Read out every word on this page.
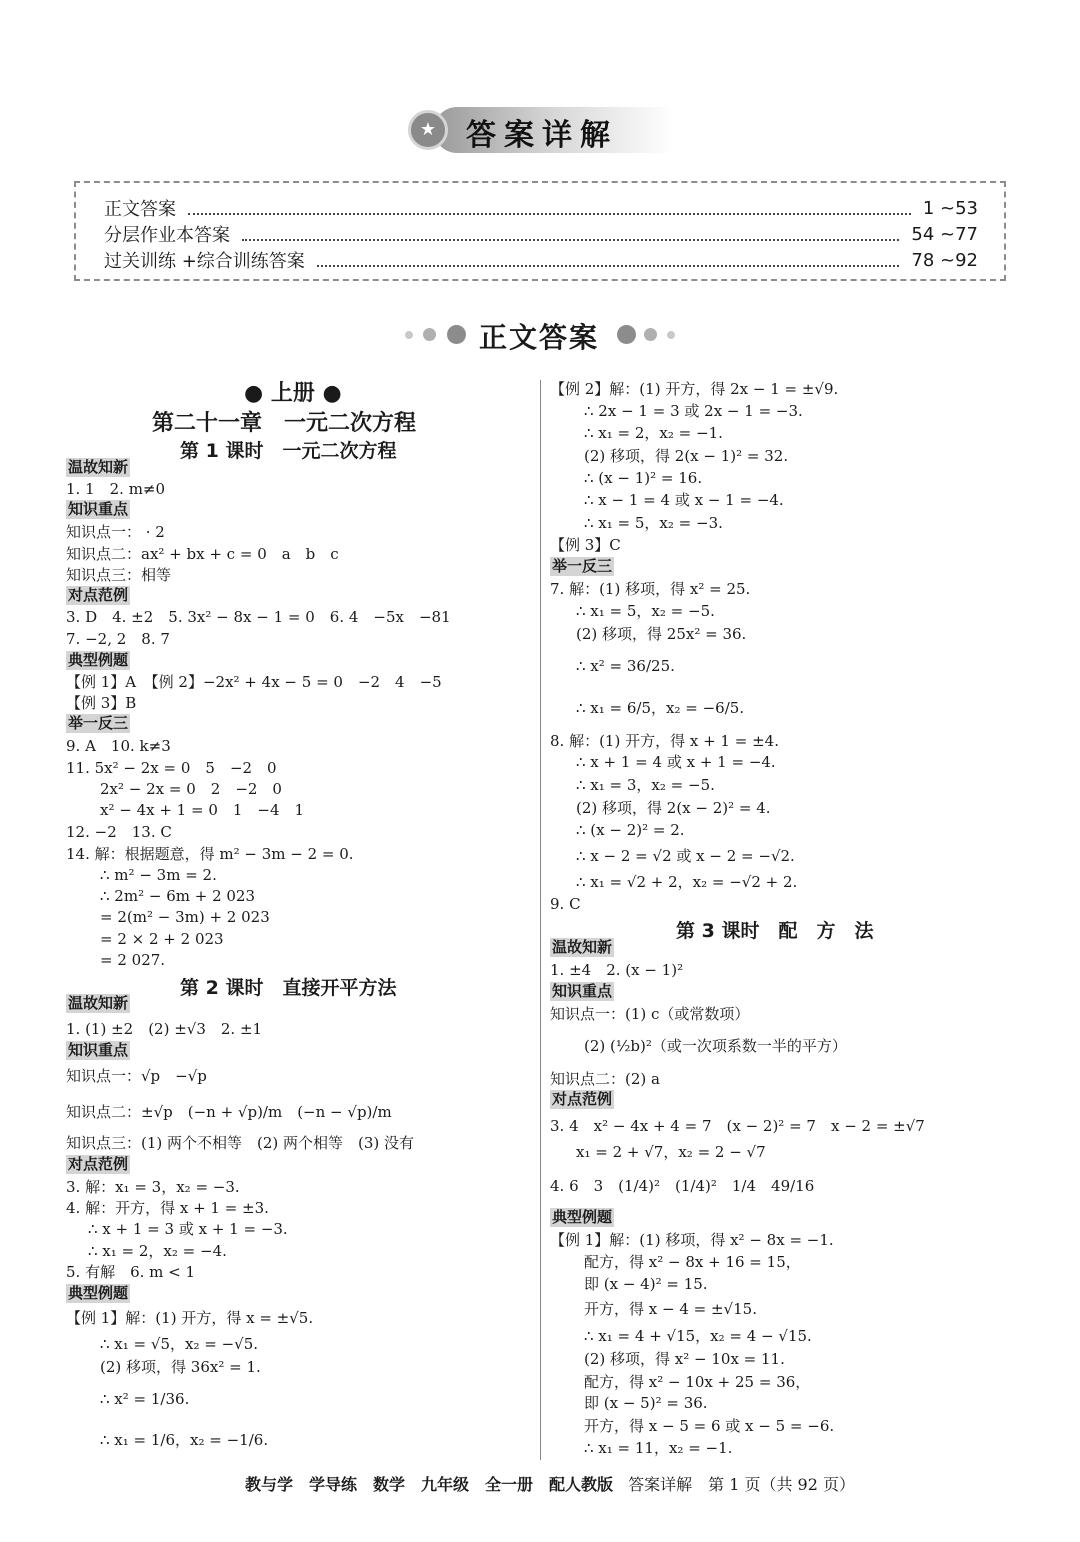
★ 答案详解
正文答案	1 ~53
分层作业本答案	54 ~77
过关训练 +综合训练答案	78 ~92
正文答案
● 上册 ●
第二十一章　一元二次方程
第 1 课时　一元二次方程
温故知新
1. 1　2. m≠0
知识重点
知识点一： · 2
知识点二：ax² + bx + c = 0　a　b　c
知识点三：相等
对点范例
3. D　4. ±2　5. 3x² − 8x − 1 = 0　6. 4　−5x　−81
7. −2, 2　8. 7
典型例题
【例 1】A　【例 2】−2x² + 4x − 5 = 0　−2　4　−5
【例 3】B
举一反三
9. A　10. k≠3
11. 5x² − 2x = 0　5　−2　0
2x² − 2x = 0　2　−2　0
x² − 4x + 1 = 0　1　−4　1
12. −2　13. C
14. 解：根据题意，得 m² − 3m − 2 = 0.
∴ m² − 3m = 2.
∴ 2m² − 6m + 2 023
= 2(m² − 3m) + 2 023
= 2 × 2 + 2 023
= 2 027.
第 2 课时　直接开平方法
温故知新
1. (1) ±2　(2) ±√3　2. ±1
知识重点
知识点一：√p　−√p
知识点二：±√p　(−n + √p)/m　(−n − √p)/m
知识点三：(1) 两个不相等　(2) 两个相等　(3) 没有
对点范例
3. 解：x₁ = 3，x₂ = −3.
4. 解：开方，得 x + 1 = ±3.
∴ x + 1 = 3 或 x + 1 = −3.
∴ x₁ = 2，x₂ = −4.
5. 有解　6. m < 1
典型例题
【例 1】解：(1) 开方，得 x = ±√5.
∴ x₁ = √5，x₂ = −√5.
(2) 移项，得 36x² = 1.
∴ x² = 1/36.
∴ x₁ = 1/6，x₂ = −1/6.
【例 2】解：(1) 开方，得 2x − 1 = ±√9.
∴ 2x − 1 = 3 或 2x − 1 = −3.
∴ x₁ = 2，x₂ = −1.
(2) 移项，得 2(x − 1)² = 32.
∴ (x − 1)² = 16.
∴ x − 1 = 4 或 x − 1 = −4.
∴ x₁ = 5，x₂ = −3.
【例 3】C
举一反三
7. 解：(1) 移项，得 x² = 25.
∴ x₁ = 5，x₂ = −5.
(2) 移项，得 25x² = 36.
∴ x² = 36/25.
∴ x₁ = 6/5，x₂ = −6/5.
8. 解：(1) 开方，得 x + 1 = ±4.
∴ x + 1 = 4 或 x + 1 = −4.
∴ x₁ = 3，x₂ = −5.
(2) 移项，得 2(x − 2)² = 4.
∴ (x − 2)² = 2.
∴ x − 2 = √2 或 x − 2 = −√2.
∴ x₁ = √2 + 2，x₂ = −√2 + 2.
9. C
第 3 课时　配　方　法
温故知新
1. ±4　2. (x − 1)²
知识重点
知识点一：(1) c（或常数项）
(2) (½b)²（或一次项系数一半的平方）
知识点二：(2) a
对点范例
3. 4　x² − 4x + 4 = 7　(x − 2)² = 7　x − 2 = ±√7
x₁ = 2 + √7，x₂ = 2 − √7
4. 6　3　(1/4)²　(1/4)²　1/4　49/16
典型例题
【例 1】解：(1) 移项，得 x² − 8x = −1.
配方，得 x² − 8x + 16 = 15，
即 (x − 4)² = 15.
开方，得 x − 4 = ±√15.
∴ x₁ = 4 + √15，x₂ = 4 − √15.
(2) 移项，得 x² − 10x = 11.
配方，得 x² − 10x + 25 = 36，
即 (x − 5)² = 36.
开方，得 x − 5 = 6 或 x − 5 = −6.
∴ x₁ = 11，x₂ = −1.
教与学　学导练　数学　九年级　全一册　配人教版 答案详解　第 1 页（共 92 页）
